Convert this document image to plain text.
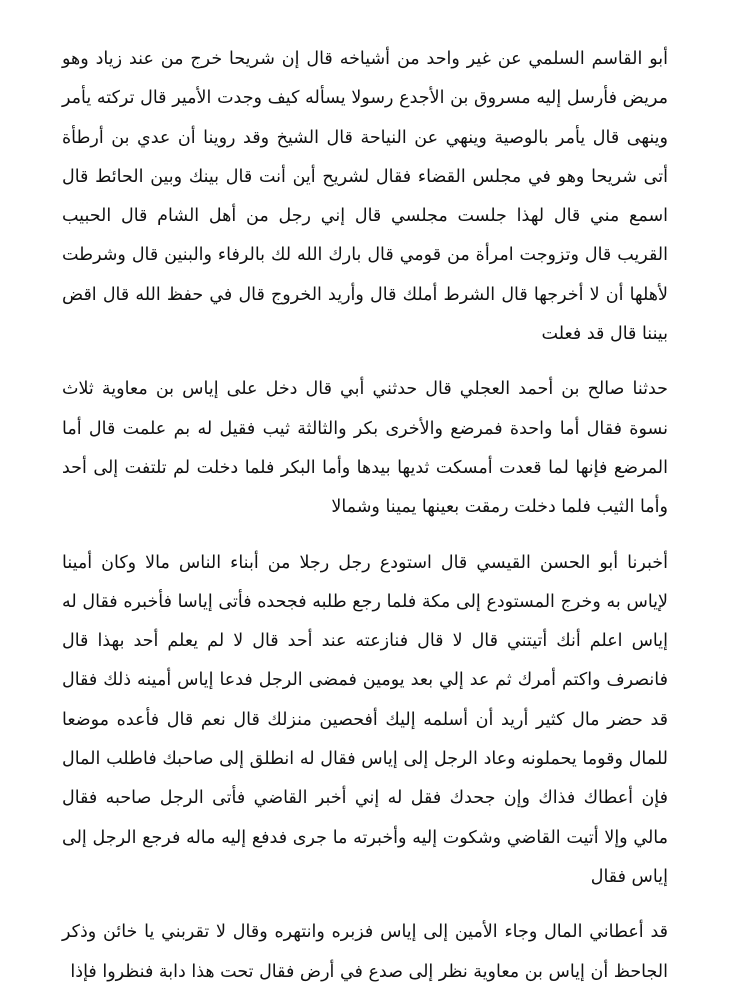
أبو القاسم السلمي عن غير واحد من أشياخه قال إن شريحا خرج من عند زياد وهو مريض فأرسل إليه مسروق بن الأجدع رسولا يسأله كيف وجدت الأمير قال تركته يأمر وينهى قال يأمر بالوصية وينهي عن النياحة قال الشيخ وقد روينا أن عدي بن أرطأة أتى شريحا وهو في مجلس القضاء فقال لشريح أين أنت قال بينك وبين الحائط قال اسمع مني قال لهذا جلست مجلسي قال إني رجل من أهل الشام قال الحبيب القريب قال وتزوجت امرأة من قومي قال بارك الله لك بالرفاء والبنين قال وشرطت لأهلها أن لا أخرجها قال الشرط أملك قال وأريد الخروج قال في حفظ الله قال اقض بيننا قال قد فعلت

حدثنا صالح بن أحمد العجلي قال حدثني أبي قال دخل على إياس بن معاوية ثلاث نسوة فقال أما واحدة فمرضع والأخرى بكر والثالثة ثيب فقيل له بم علمت قال أما المرضع فإنها لما قعدت أمسكت ثديها بيدها وأما البكر فلما دخلت لم تلتفت إلى أحد وأما الثيب فلما دخلت رمقت بعينها يمينا وشمالا

أخبرنا أبو الحسن القيسي قال استودع رجل رجلا من أبناء الناس مالا وكان أمينا لإياس به وخرج المستودع إلى مكة فلما رجع طلبه فجحده فأتى إياسا فأخبره فقال له إياس اعلم أنك أتيتني قال لا قال فنازعته عند أحد قال لا لم يعلم أحد بهذا قال فانصرف واكتم أمرك ثم عد إلي بعد يومين فمضى الرجل فدعا إياس أمينه ذلك فقال قد حضر مال كثير أريد أن أسلمه إليك أفحصين منزلك قال نعم قال فأعده موضعا للمال وقوما يحملونه وعاد الرجل إلى إياس فقال له انطلق إلى صاحبك فاطلب المال فإن أعطاك فذاك وإن جحدك فقل له إني أخبر القاضي فأتى الرجل صاحبه فقال مالي وإلا أتيت القاضي وشكوت إليه وأخبرته ما جرى فدفع إليه ماله فرجع الرجل إلى إياس فقال

قد أعطاني المال وجاء الأمين إلى إياس فزبره وانتهره وقال لا تقربني يا خائن وذكر الجاحظ أن إياس بن معاوية نظر إلى صدع في أرض فقال تحت هذا دابة فنظروا فإذا
